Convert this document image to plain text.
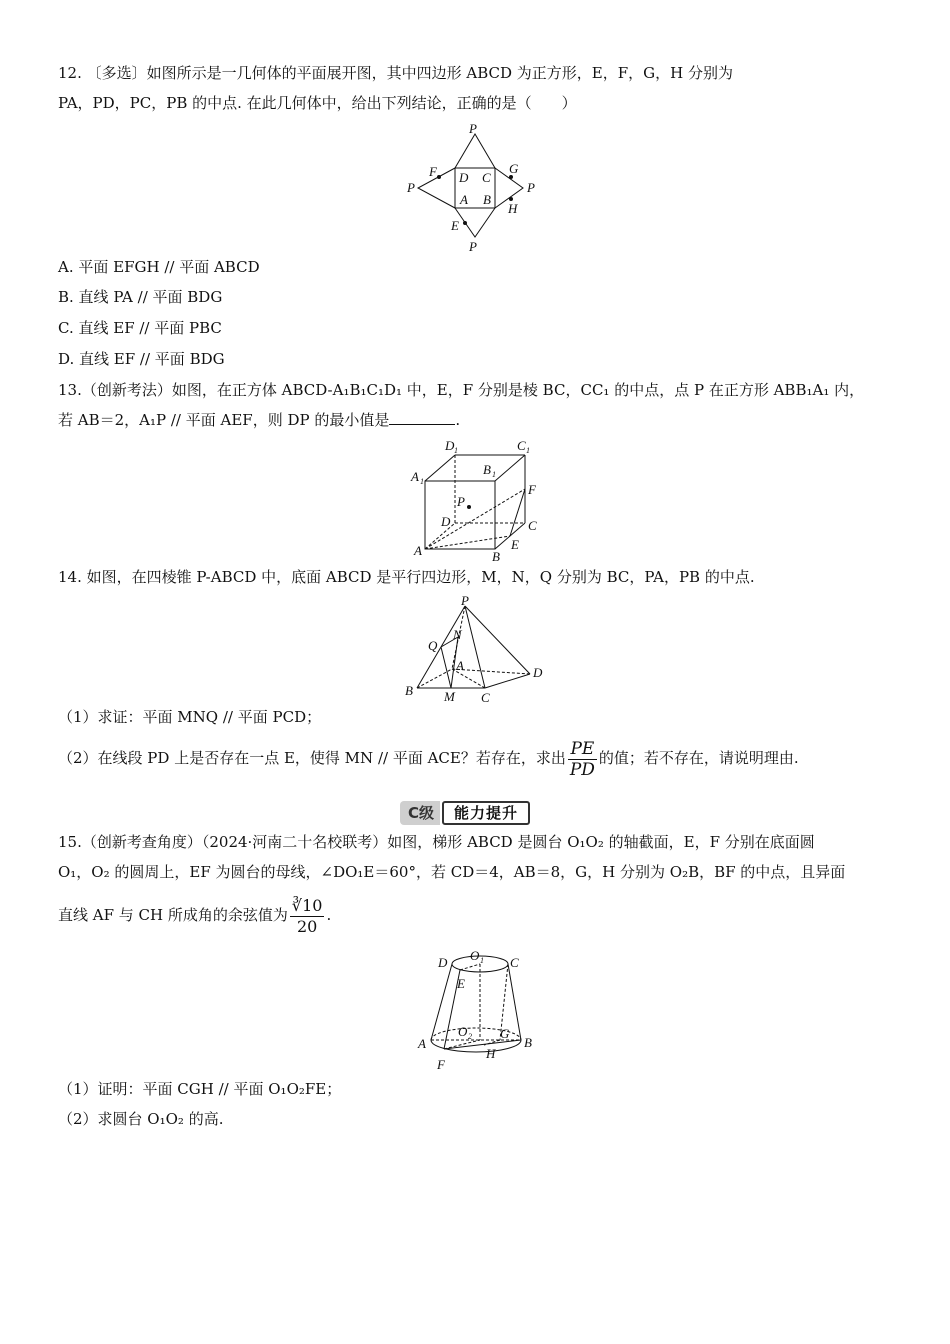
12. 〔多选〕如图所示是一几何体的平面展开图，其中四边形 ABCD 为正方形，E，F，G，H 分别为
PA，PD，PC，PB 的中点. 在此几何体中，给出下列结论，正确的是（　　）
P
P	P
P
F	G
H
E
D C
A B
A. 平面 EFGH // 平面 ABCD
B. 直线 PA // 平面 BDG
C. 直线 EF // 平面 PBC
D. 直线 EF // 平面 BDG
13.（创新考法）如图，在正方体 ABCD-A₁B₁C₁D₁ 中，E，F 分别是棱 BC，CC₁ 的中点，点 P 在正方形 ABB₁A₁ 内，
若 AB＝2，A₁P // 平面 AEF，则 DP 的最小值是	.
D 1	C 1
A 1
B 1
P
F
D	C
A	B
E
14. 如图，在四棱锥 P-ABCD 中，底面 ABCD 是平行四边形，M，N，Q 分别为 BC，PA，PB 的中点.
P
N
Q
A	D
B M C
（1）求证：平面 MNQ // 平面 PCD；
（2）在线段 PD 上是否存在一点 E，使得 MN // 平面 ACE？若存在，求出 $\frac{PE}{PD}$ 的值；若不存在，请说明理由.
C级	能力提升
15.（创新考查角度）（2024·河南二十名校联考）如图，梯形 ABCD 是圆台 O₁O₂ 的轴截面，E，F 分别在底面圆
O₁，O₂ 的圆周上，EF 为圆台的母线，∠DO₁E＝60°，若 CD＝4，AB＝8，G，H 分别为 O₂B，BF 的中点，且异面
直线 AF 与 CH 所成角的余弦值为 $\frac{∛10}{20}$ .
D O 1 C
E
O 2 G
A	B
H
F
（1）证明：平面 CGH // 平面 O₁O₂FE；
（2）求圆台 O₁O₂ 的高.
